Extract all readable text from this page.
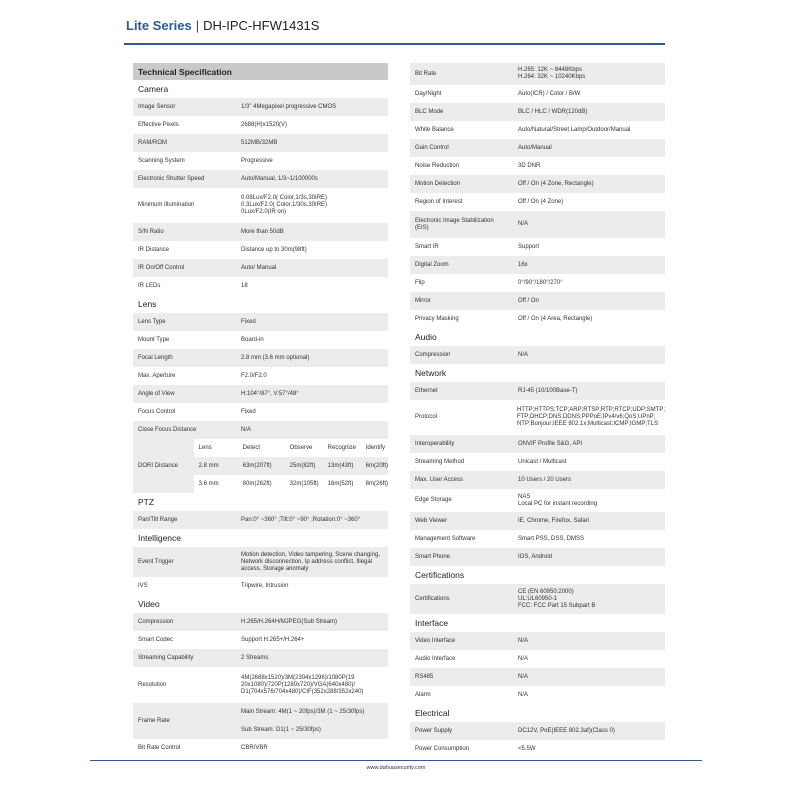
Lite Series | DH-IPC-HFW1431S
Technical Specification
Camera
Image Sensor	1/3" 4Megapixel progressive CMOS
Effective Pixels	2688(H)x1520(V)
RAM/ROM	512MB/32MB
Scanning System	Progressive
Electronic Shutter Speed	Auto/Manual, 1/3~1/100000s
Minimum Illumination
0.08Lux/F2.0( Color,1/3s,30IRE)
0.3Lux/F2.0( Color,1/30s,30IRE)
0Lux/F2.0(IR on)
S/N Ratio	More than 50dB
IR Distance	Distance up to 30m(98ft)
IR On/Off Control	Auto/ Manual
IR LEDs	18
Lens
Lens Type	Fixed
Mount Type	Board-in
Focal Length	2.8 mm (3.6 mm optional)
Max. Aperture	F2.0/F2.0
Angle of View	H:104°/87°, V:57°/48°
Focus Control	Fixed
Close Focus Distance	N/A
DORI Distance
Lens	Detect	Observe	Recognize	Identify
2.8 mm	63m(207ft)	25m(82ft)	13m(43ft)	6m(20ft)
3.6 mm	80m(262ft)	32m(105ft)	16m(52ft)	8m(26ft)
PTZ
Pan/Tilt Range	Pan:0° ~360° ;Tilt:0° ~90° ;Rotation:0° ~360°
Intelligence
Event Trigger
Motion detection, Video tampering, Scene changing,
Network disconnection, Ip address conflict, Illegal
access, Storage anomaly
IVS	Tripwire, Intrusion
Video
Compression	H.265/H.264H/MJPEG(Sub Stream)
Smart Codec	Support H.265+/H.264+
Streaming Capability	2 Streams
Resolution
4M(2688x1520)/3M(2304x1296)/1080P(19
20x1080)/720P(1280x720)/VGA(640x480)/
D1(704x576/704x480)/CIF(352x288/352x240)
Frame Rate
Main Stream: 4M(1 ~ 20fps)/3M (1 ~ 25/30fps)
Sub Stream: D1(1 ~ 25/30fps)
Bit Rate Control	CBR/VBR
Bit Rate
H.265: 12K ~ 8448Kbps
H.264: 32K ~ 10240Kbps
Day/Night	Auto(ICR) / Color / B/W
BLC Mode	BLC / HLC / WDR(120dB)
White Balance	Auto/Natural/Street Lamp/Outdoor/Manual
Gain Control	Auto/Manual
Noise Reduction	3D DNR
Motion Detection	Off / On (4 Zone, Rectangle)
Region of Interest	Off / On (4 Zone)
Electronic Image Stabilization
(EIS)
N/A
Smart IR	Support
Digital Zoom	16x
Flip	0°/90°/180°/270°
Mirror	Off / On
Privacy Masking	Off / On (4 Area, Rectangle)
Audio
Compression	N/A
Network
Ethernet	RJ-45 (10/100Base-T)
Protocol
HTTP;HTTPS;TCP;ARP;RTSP;RTP;RTCP;UDP;SMTP;
FTP;DHCP;DNS;DDNS;PPPoE;IPv4/v6;QoS;UPnP;
NTP;Bonjour;IEEE 802.1x;Multicast;ICMP;IGMP;TLS
Interoperability	ONVIF Profile S&G, API
Streaming Method	Unicast / Multicast
Max. User Access	10 Users / 20 Users
Edge Storage
NAS
Local PC for instant recording
Web Viewer	IE, Chrome, Firefox, Safari
Management Software	Smart PSS, DSS, DMSS
Smart Phone	IOS, Android
Certifications
Certifications
CE (EN 60950:2000)
UL:UL60950-1
FCC: FCC Part 15 Subpart B
Interface
Video Interface	N/A
Audio Interface	N/A
RS485	N/A
Alarm	N/A
Electrical
Power Supply	DC12V, PoE(IEEE 802.3af)(Class 0)
Power Consumption	<5.5W
www.dahuasecurity.com
